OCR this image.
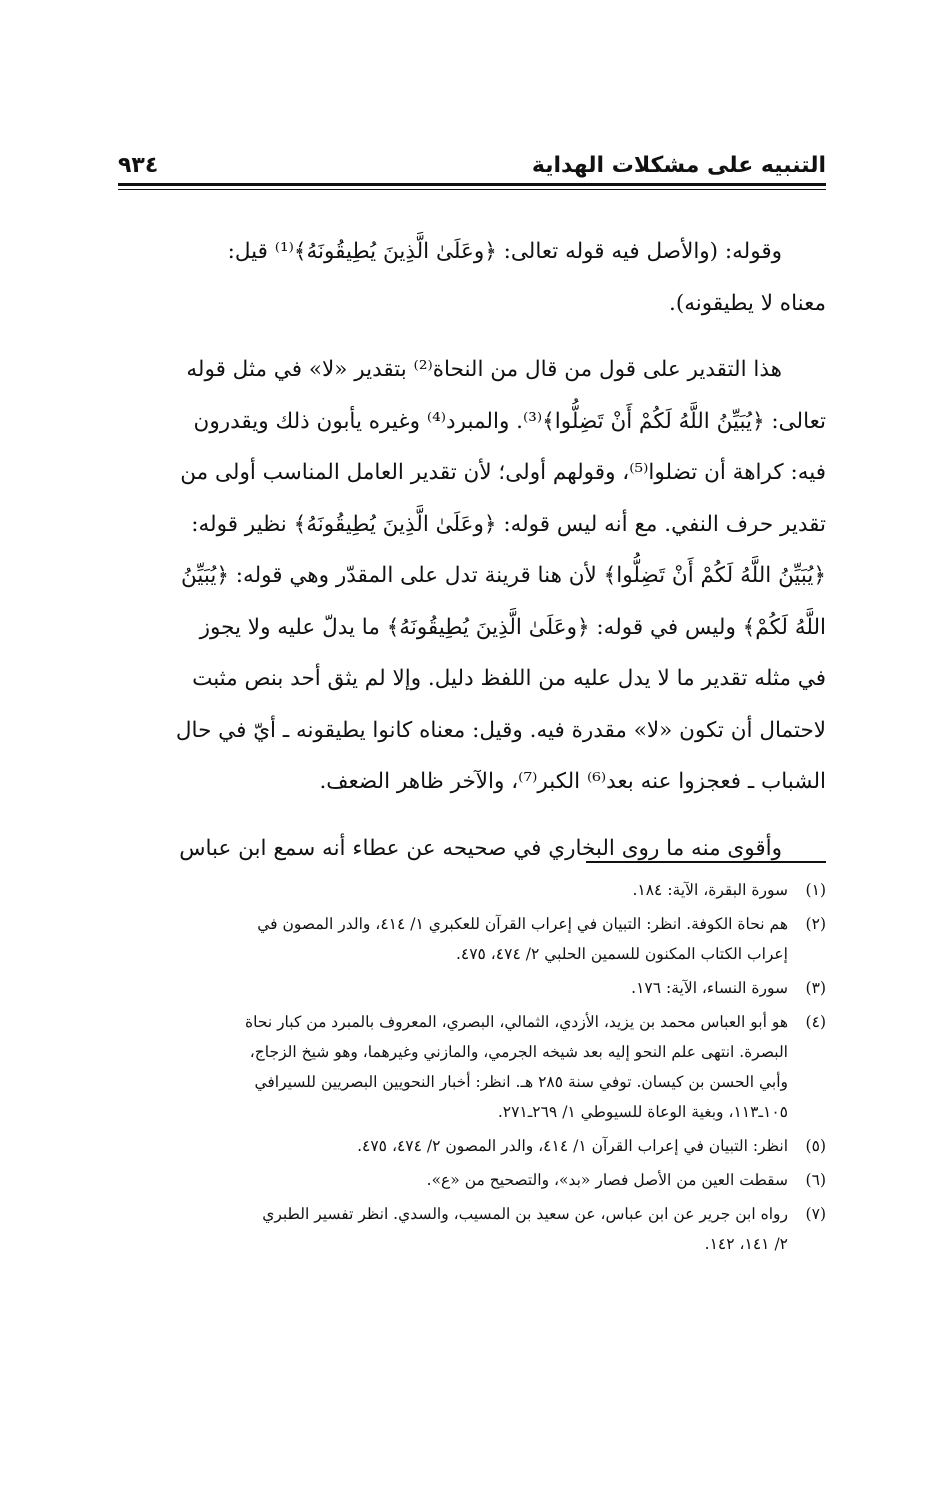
التنبيه على مشكلات الهداية
٩٣٤

وقوله: (والأصل فيه قوله تعالى: ﴿وعَلَىٰ الَّذِينَ يُطِيقُونَهُ﴾⁽¹⁾ قيل:
معناه لا يطيقونه).

هذا التقدير على قول من قال من النحاة⁽²⁾ بتقدير «لا» في مثل قوله
تعالى: ﴿يُبَيِّنُ اللَّهُ لَكُمْ أَنْ تَضِلُّوا﴾⁽³⁾. والمبرد⁽⁴⁾ وغيره يأبون ذلك ويقدرون
فيه: كراهة أن تضلوا⁽⁵⁾، وقولهم أولى؛ لأن تقدير العامل المناسب أولى من
تقدير حرف النفي. مع أنه ليس قوله: ﴿وعَلَىٰ الَّذِينَ يُطِيقُونَهُ﴾ نظير قوله:
﴿يُبَيِّنُ اللَّهُ لَكُمْ أَنْ تَضِلُّوا﴾ لأن هنا قرينة تدل على المقدّر وهي قوله: ﴿يُبَيِّنُ
اللَّهُ لَكُمْ﴾ وليس في قوله: ﴿وعَلَىٰ الَّذِينَ يُطِيقُونَهُ﴾ ما يدلّ عليه ولا يجوز
في مثله تقدير ما لا يدل عليه من اللفظ دليل. وإلا لم يثق أحد بنص مثبت
لاحتمال أن تكون «لا» مقدرة فيه. وقيل: معناه كانوا يطيقونه ـ أيّ في حال
الشباب ـ فعجزوا عنه بعد⁽⁶⁾ الكبر⁽⁷⁾، والآخر ظاهر الضعف.

وأقوى منه ما روى البخاري في صحيحه عن عطاء أنه سمع ابن عباس

(١)
سورة البقرة، الآية: ١٨٤.
(٢)
هم نحاة الكوفة. انظر: التبيان في إعراب القرآن للعكبري ١/ ٤١٤، والدر المصون في
إعراب الكتاب المكنون للسمين الحلبي ٢/ ٤٧٤، ٤٧٥.
(٣)
سورة النساء، الآية: ١٧٦.
(٤)
هو أبو العباس محمد بن يزيد، الأزدي، الثمالي، البصري، المعروف بالمبرد من كبار نحاة
البصرة. انتهى علم النحو إليه بعد شيخه الجرمي، والمازني وغيرهما، وهو شيخ الزجاج،
وأبي الحسن بن كيسان. توفي سنة ٢٨٥ هـ. انظر: أخبار النحويين البصريين للسيرافي
١٠٥ـ١١٣، وبغية الوعاة للسيوطي ١/ ٢٦٩ـ٢٧١.
(٥)
انظر: التبيان في إعراب القرآن ١/ ٤١٤، والدر المصون ٢/ ٤٧٤، ٤٧٥.
(٦)
سقطت العين من الأصل فصار «بد»، والتصحيح من «ع».
(٧)
رواه ابن جرير عن ابن عباس، عن سعيد بن المسيب، والسدي. انظر تفسير الطبري
٢/ ١٤١، ١٤٢.
